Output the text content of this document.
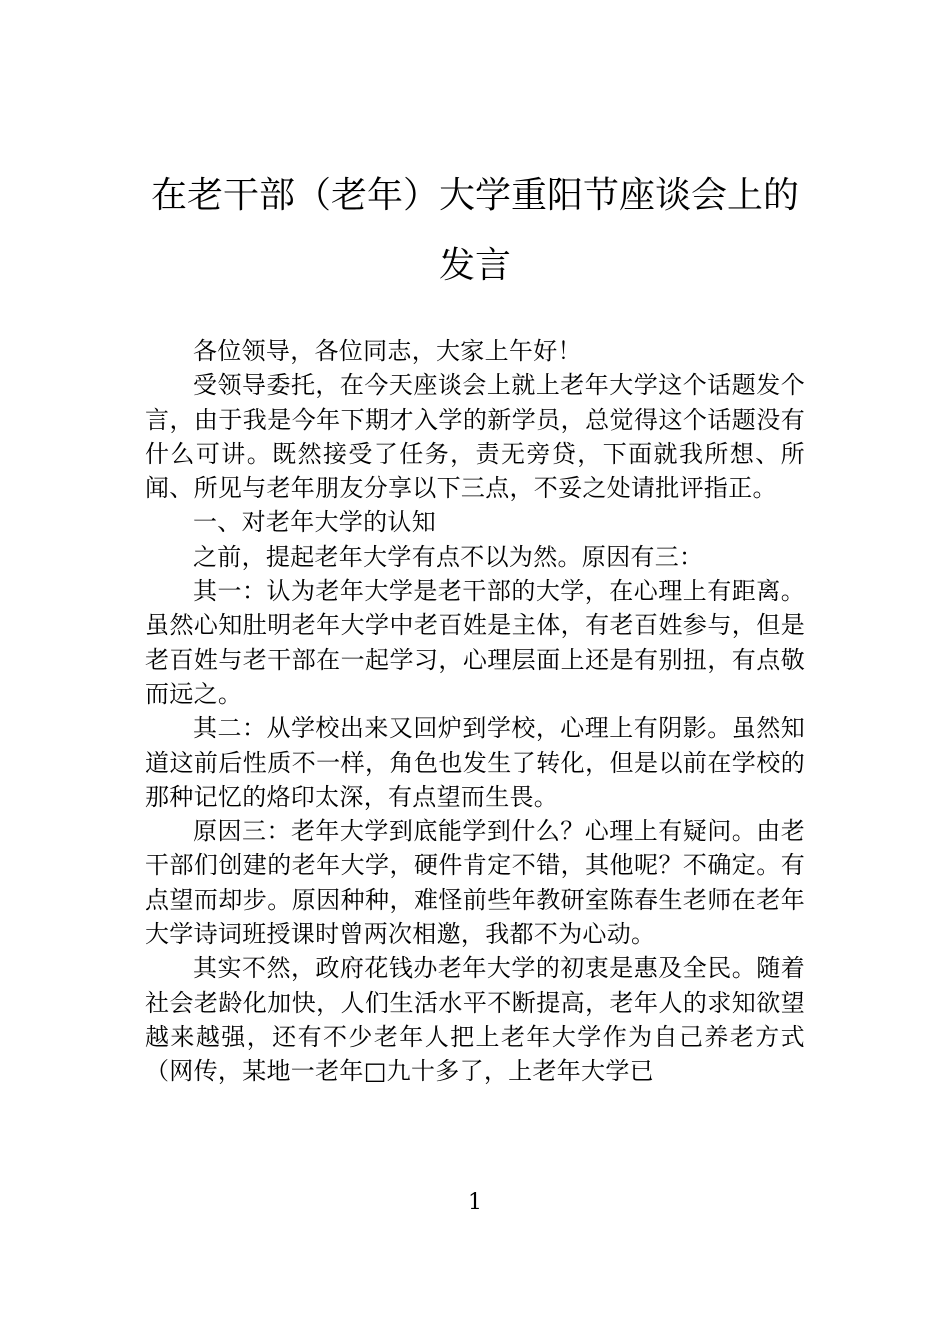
在老干部（老年）大学重阳节座谈会上的
发言

各位领导，各位同志，大家上午好！

受领导委托，在今天座谈会上就上老年大学这个话题发个言，由于我是今年下期才入学的新学员，总觉得这个话题没有什么可讲。既然接受了任务，责无旁贷，下面就我所想、所闻、所见与老年朋友分享以下三点，不妥之处请批评指正。

一、对老年大学的认知

之前，提起老年大学有点不以为然。原因有三：

其一：认为老年大学是老干部的大学，在心理上有距离。虽然心知肚明老年大学中老百姓是主体，有老百姓参与，但是老百姓与老干部在一起学习，心理层面上还是有别扭，有点敬而远之。

其二：从学校出来又回炉到学校，心理上有阴影。虽然知道这前后性质不一样，角色也发生了转化，但是以前在学校的那种记忆的烙印太深，有点望而生畏。

原因三：老年大学到底能学到什么？心理上有疑问。由老干部们创建的老年大学，硬件肯定不错，其他呢？不确定。有点望而却步。原因种种，难怪前些年教研室陈春生老师在老年大学诗词班授课时曾两次相邀，我都不为心动。

其实不然，政府花钱办老年大学的初衷是惠及全民。随着社会老龄化加快，人们生活水平不断提高，老年人的求知欲望越来越强，还有不少老年人把上老年大学作为自己养老方式（网传，某地一老年□九十多了，上老年大学已

1
